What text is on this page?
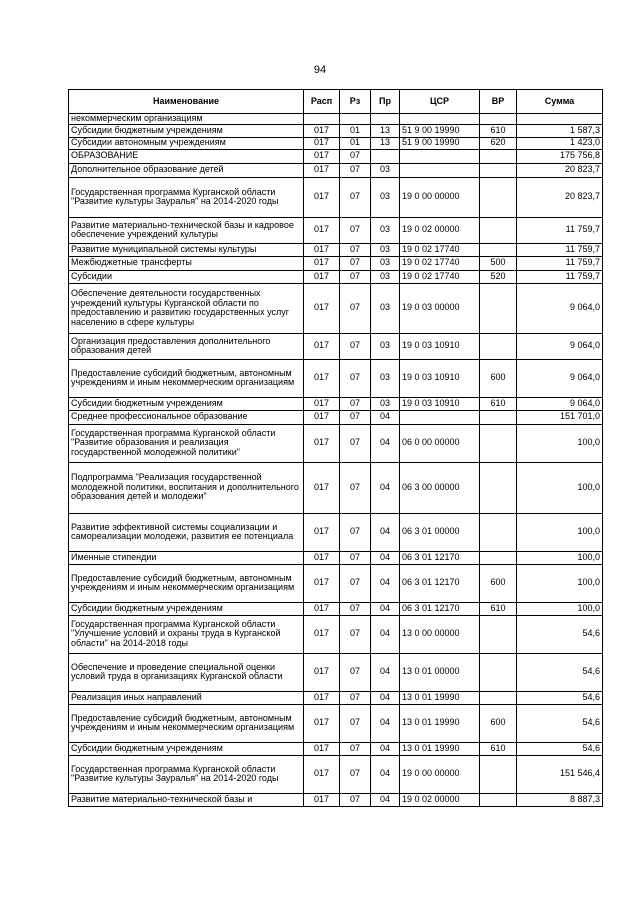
94
Наименование	Расп	Рз	Пр	ЦСР	ВР	Сумма
некоммерческим организациям						
Субсидии бюджетным учреждениям	017	01	13	51 9 00 19990	610	1 587,3
Субсидии автономным учреждениям	017	01	13	51 9 00 19990	620	1 423,0
ОБРАЗОВАНИЕ	017	07				175 756,8
Дополнительное образование детей	017	07	03			20 823,7
Государственная программа Курганской области "Развитие культуры Зауралья" на 2014-2020 годы	017	07	03	19 0 00 00000		20 823,7
Развитие материально-технической базы и кадровое обеспечение учреждений культуры	017	07	03	19 0 02 00000		11 759,7
Развитие муниципальной системы культуры	017	07	03	19 0 02 17740		11 759,7
Межбюджетные трансферты	017	07	03	19 0 02 17740	500	11 759,7
Субсидии	017	07	03	19 0 02 17740	520	11 759,7
Обеспечение деятельности государственных учреждений культуры Курганской области по предоставлению и развитию государственных услуг населению в сфере культуры	017	07	03	19 0 03 00000		9 064,0
Организация предоставления дополнительного образования детей	017	07	03	19 0 03 10910		9 064,0
Предоставление субсидий бюджетным, автономным учреждениям и иным некоммерческим организациям	017	07	03	19 0 03 10910	600	9 064,0
Субсидии бюджетным учреждениям	017	07	03	19 0 03 10910	610	9 064,0
Среднее профессиональное образование	017	07	04			151 701,0
Государственная программа Курганской области "Развитие образования и реализация государственной молодежной политики"	017	07	04	06 0 00 00000		100,0
Подпрограмма "Реализация государственной молодежной политики, воспитания и дополнительного образования детей и молодежи"	017	07	04	06 3 00 00000		100,0
Развитие эффективной системы социализации и самореализации молодежи, развития ее потенциала	017	07	04	06 3 01 00000		100,0
Именные стипендии	017	07	04	06 3 01 12170		100,0
Предоставление субсидий бюджетным, автономным учреждениям и иным некоммерческим организациям	017	07	04	06 3 01 12170	600	100,0
Субсидии бюджетным учреждениям	017	07	04	06 3 01 12170	610	100,0
Государственная программа Курганской области "Улучшение условий и охраны труда в Курганской области" на 2014-2018 годы	017	07	04	13 0 00 00000		54,6
Обеспечение и проведение специальной оценки условий труда в организациях Курганской области	017	07	04	13 0 01 00000		54,6
Реализация иных направлений	017	07	04	13 0 01 19990		54,6
Предоставление субсидий бюджетным, автономным учреждениям и иным некоммерческим организациям	017	07	04	13 0 01 19990	600	54,6
Субсидии бюджетным учреждениям	017	07	04	13 0 01 19990	610	54,6
Государственная программа Курганской области "Развитие культуры Зауралья" на 2014-2020 годы	017	07	04	19 0 00 00000		151 546,4
Развитие материально-технической базы и	017	07	04	19 0 02 00000		8 887,3
